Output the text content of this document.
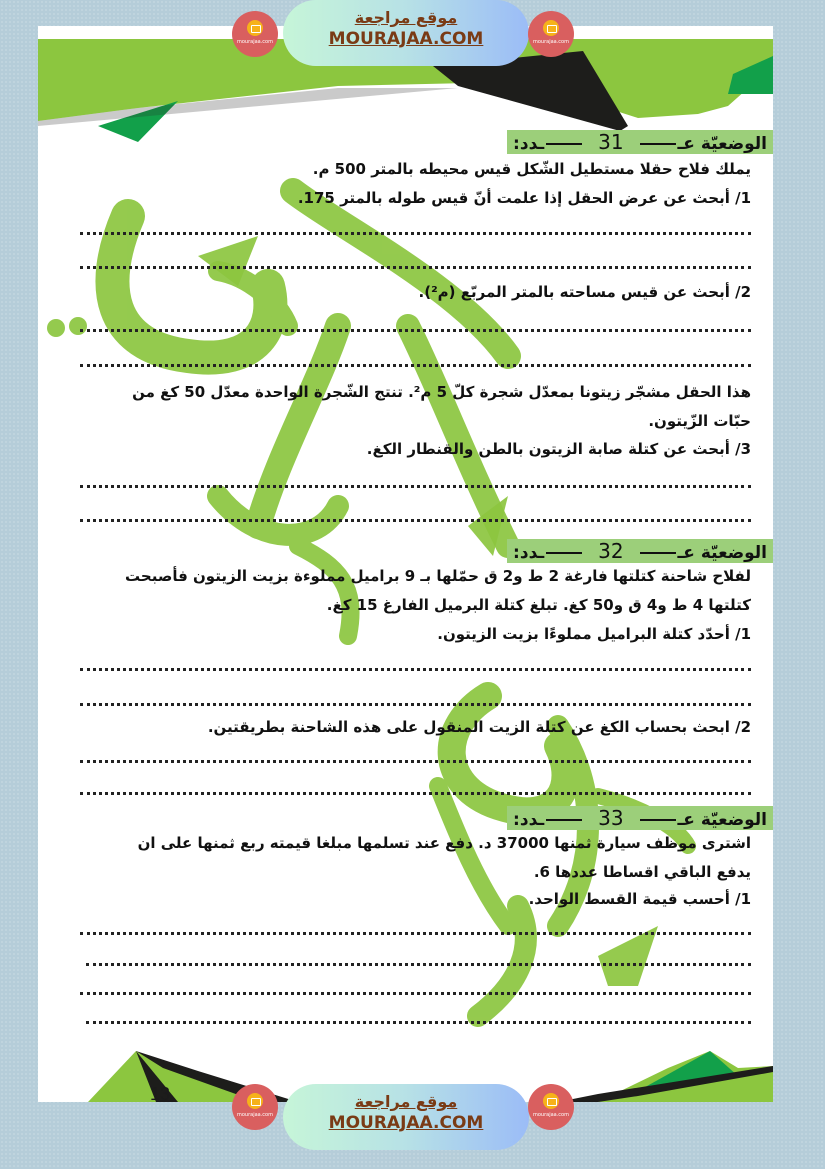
الوضعيّة عـ 31 ـدد:
يملك فلاح حقلا مستطيل الشّكل قيس محيطه بالمتر 500 م.
1/ أبحث عن عرض الحقل إذا علمت أنّ قيس طوله بالمتر 175.
2/ أبحث عن قيس مساحته بالمتر المربّع (م²).
هذا الحقل مشجّر زيتونا بمعدّل شجرة كلّ 5 م². تنتج الشّجرة الواحدة معدّل 50 كغ من
حبّات الزّيتون.
3/ أبحث عن كتلة صابة الزيتون بالطن والقنطار الكغ.
الوضعيّة عـ 32 ـدد:
لفلاح شاحنة كتلتها فارغة 2 ط و2 ق حمّلها بـ 9 براميل مملوءة بزيت الزيتون فأصبحت
كتلتها 4 ط و4 ق و50 كغ. تبلغ كتلة البرميل الفارغ 15 كغ.
1/ أحدّد كتلة البراميل مملوءًا بزيت الزيتون.
2/ ابحث بحساب الكغ عن كتلة الزيت المنقول على هذه الشاحنة بطريقتين.
الوضعيّة عـ 33 ـدد:
اشترى موظف سيارة ثمنها 37000 د. دفع عند تسلمها مبلغا قيمته ربع ثمنها على ان
يدفع الباقي اقساطا عددها 6.
1/ أحسب قيمة القسط الواحد.
13
mourajaa.com
موقع مراجعة
MOURAJAA.COM	mourajaa.com
mourajaa.com
موقع مراجعة
MOURAJAA.COM	mourajaa.com
